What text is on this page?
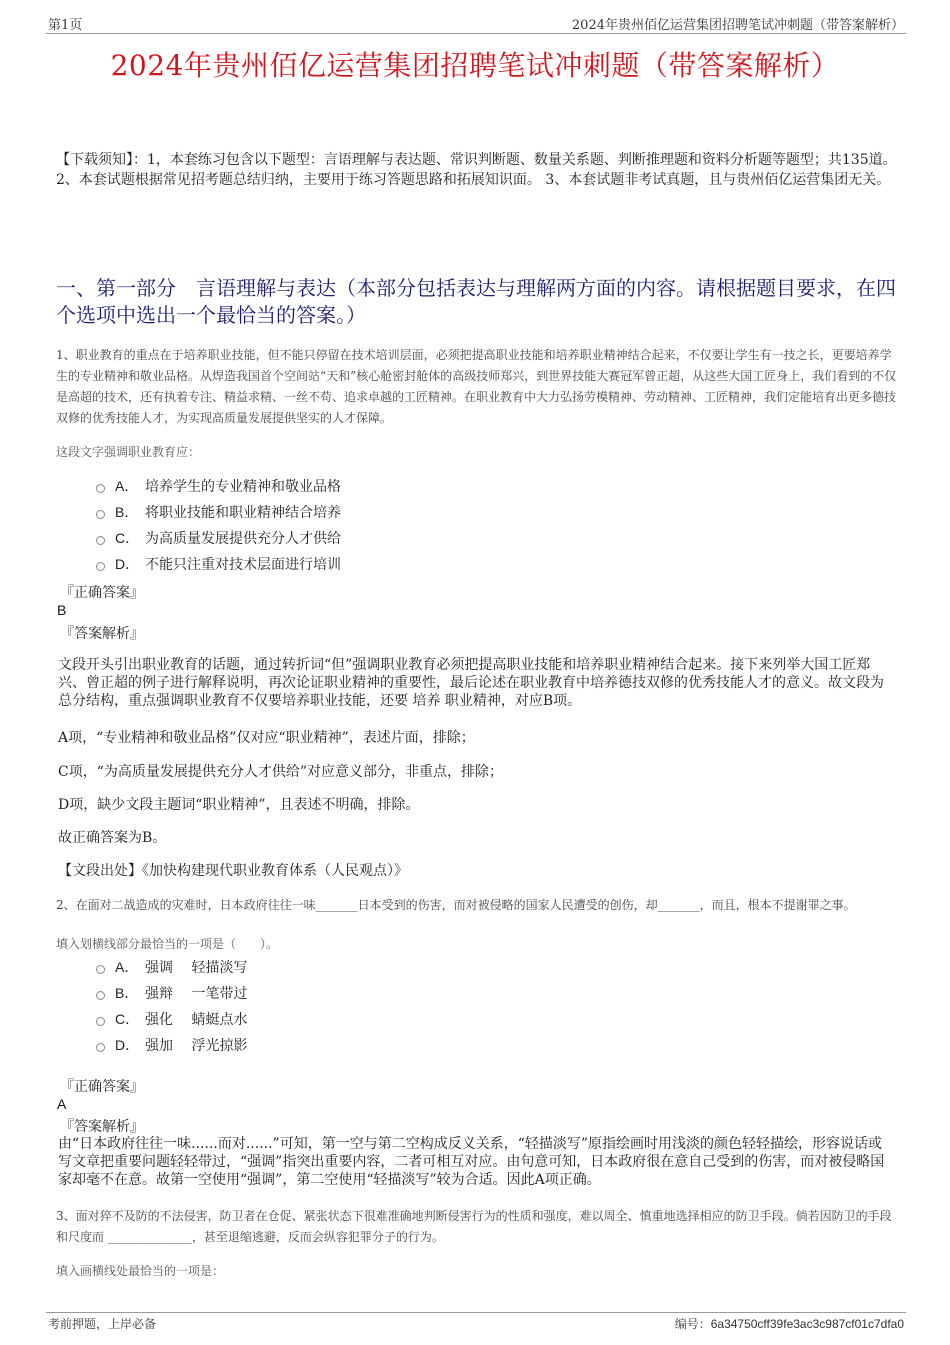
第1页	2024年贵州佰亿运营集团招聘笔试冲刺题（带答案解析）
2024年贵州佰亿运营集团招聘笔试冲刺题（带答案解析）
【下载须知】：1，本套练习包含以下题型：言语理解与表达题、常识判断题、数量关系题、判断推理题和资料分析题等题型；共135道。 2、本套试题根据常见招考题总结归纳，主要用于练习答题思路和拓展知识面。 3、本套试题非考试真题，且与贵州佰亿运营集团无关。
一、第一部分　言语理解与表达（本部分包括表达与理解两方面的内容。请根据题目要求，在四个选项中选出一个最恰当的答案。）
1、职业教育的重点在于培养职业技能，但不能只停留在技术培训层面，必须把提高职业技能和培养职业精神结合起来，不仅要让学生有一技之长，更要培养学生的专业精神和敬业品格。从焊造我国首个空间站“天和”核心舱密封舱体的高级技师郑兴，到世界技能大赛冠军曾正超，从这些大国工匠身上，我们看到的不仅是高超的技术，还有执着专注、精益求精、一丝不苟、追求卓越的工匠精神。在职业教育中大力弘扬劳模精神、劳动精神、工匠精神，我们定能培育出更多德技双修的优秀技能人才，为实现高质量发展提供坚实的人才保障。
这段文字强调职业教育应：
A． 培养学生的专业精神和敬业品格
B． 将职业技能和职业精神结合培养
C． 为高质量发展提供充分人才供给
D． 不能只注重对技术层面进行培训
『正确答案』
B
『答案解析』
文段开头引出职业教育的话题，通过转折词“但”强调职业教育必须把提高职业技能和培养职业精神结合起来。接下来列举大国工匠郑兴、曾正超的例子进行解释说明，再次论证职业精神的重要性，最后论述在职业教育中培养德技双修的优秀技能人才的意义。故文段为总分结构，重点强调职业教育不仅要培养职业技能，还要 培养 职业精神，对应B项。
A项，“专业精神和敬业品格”仅对应“职业精神”，表述片面，排除；
C项，“为高质量发展提供充分人才供给”对应意义部分，非重点，排除；
D项，缺少文段主题词“职业精神”，且表述不明确，排除。
故正确答案为B。
【文段出处】《加快构建现代职业教育体系（人民观点）》
2、在面对二战造成的灾难时，日本政府往往一味_______日本受到的伤害，而对被侵略的国家人民遭受的创伤，却_______，而且，根本不提谢罪之事。
填入划横线部分最恰当的一项是（　　）。
A． 强调　 轻描淡写
B． 强辩　 一笔带过
C． 强化　 蜻蜓点水
D． 强加　 浮光掠影
『正确答案』
A
『答案解析』
由“日本政府往往一味......而对......”可知，第一空与第二空构成反义关系，“轻描淡写”原指绘画时用浅淡的颜色轻轻描绘，形容说话或写文章把重要问题轻轻带过，“强调”指突出重要内容，二者可相互对应。由句意可知，日本政府很在意自己受到的伤害，而对被侵略国家却毫不在意。故第一空使用“强调”，第二空使用“轻描淡写”较为合适。因此A项正确。
3、面对猝不及防的不法侵害，防卫者在仓促、紧张状态下很难准确地判断侵害行为的性质和强度，难以周全、慎重地选择相应的防卫手段。倘若因防卫的手段和尺度而 ______________，甚至退缩逃避，反而会纵容犯罪分子的行为。
填入画横线处最恰当的一项是：
考前押题，上岸必备	编号：6a34750cff39fe3ac3c987cf01c7dfa0
